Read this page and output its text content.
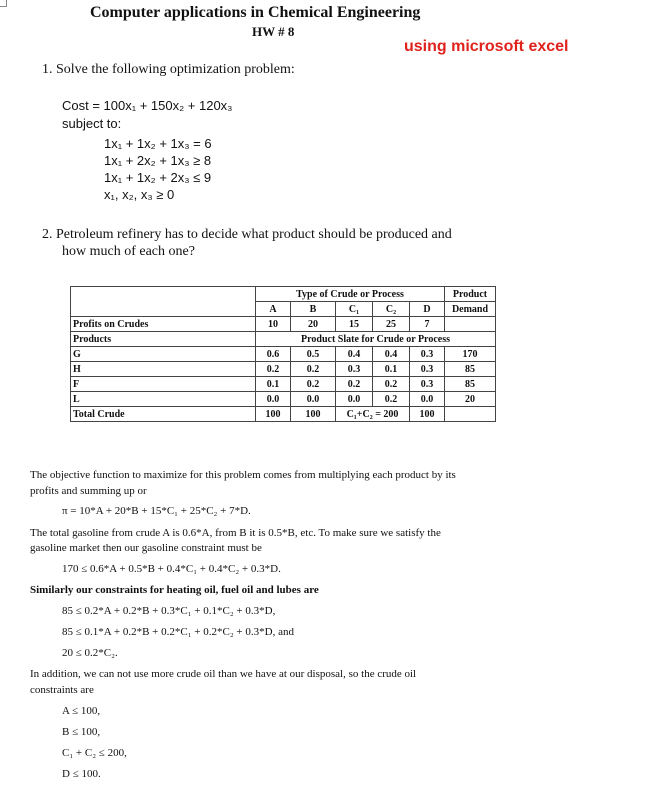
Computer applications in Chemical Engineering
HW # 8
using microsoft excel
1. Solve the following optimization problem:
Cost = 100x₁ + 150x₂ + 120x₃
subject to:
1x₁ + 1x₂ + 1x₃ = 6
1x₁ + 2x₂ + 1x₃ ≥ 8
1x₁ + 1x₂ + 2x₃ ≤ 9
x₁, x₂, x₃ ≥ 0
2. Petroleum refinery has to decide what product should be produced and
how much of each one?
	Type of Crude or Process					Product
	A	B	C₁	C₂	D	Demand
Profits on Crudes	10	20	15	25	7	
Products	Product Slate for Crude or Process					
G	0.6	0.5	0.4	0.4	0.3	170
H	0.2	0.2	0.3	0.1	0.3	85
F	0.1	0.2	0.2	0.2	0.3	85
L	0.0	0.0	0.0	0.2	0.0	20
Total Crude	100	100	C₁+C₂ = 200		100	
The objective function to maximize for this problem comes from multiplying each product by its
profits and summing up or
π = 10*A + 20*B + 15*C₁ + 25*C₂ + 7*D.
The total gasoline from crude A is 0.6*A, from B it is 0.5*B, etc. To make sure we satisfy the
gasoline market then our gasoline constraint must be
170 ≤ 0.6*A + 0.5*B + 0.4*C₁ + 0.4*C₂ + 0.3*D.
Similarly our constraints for heating oil, fuel oil and lubes are
85 ≤ 0.2*A + 0.2*B + 0.3*C₁ + 0.1*C₂ + 0.3*D,
85 ≤ 0.1*A + 0.2*B + 0.2*C₁ + 0.2*C₂ + 0.3*D, and
20 ≤ 0.2*C₂.
In addition, we can not use more crude oil than we have at our disposal, so the crude oil
constraints are
A ≤ 100,
B ≤ 100,
C₁ + C₂ ≤ 200,
D ≤ 100.
